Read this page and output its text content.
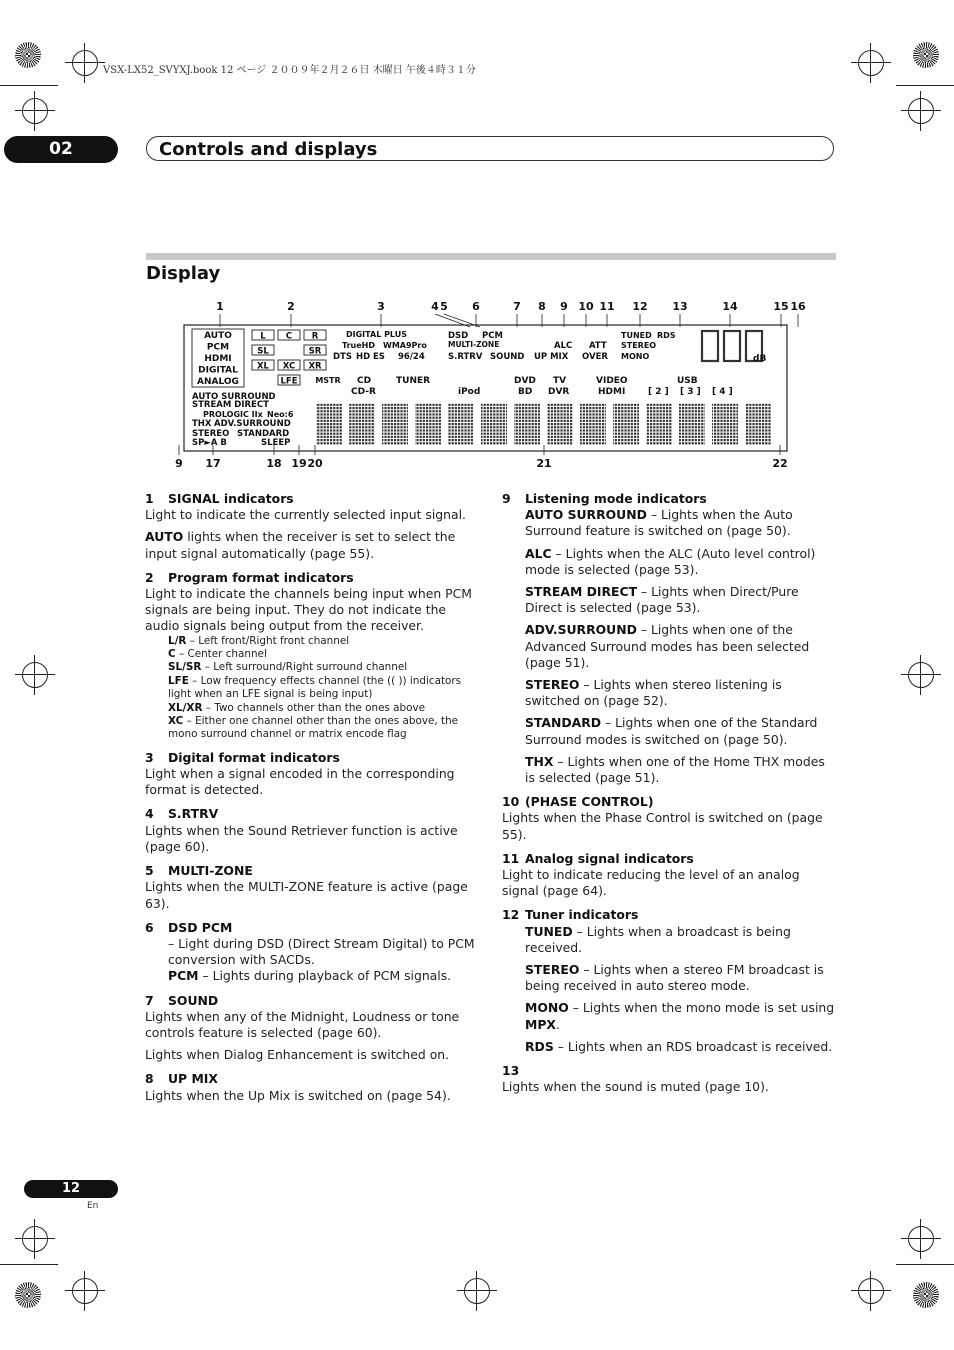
VSX-LX52_SVYXJ.book 12 ページ ２００９年２月２６日 木曜日 午後４時３１分
02	Controls and displays
Display
1	2	3	4 5 6	7 8 9 10 11 12 13	14	15 16
9 17	18 19 20	21	22
AUTO
PCM
HDMI
DIGITAL
ANALOG
L C R
SL	SR
XL XC XR
LFE MSTR
DIGITAL PLUS
TrueHD WMA9Pro
DTS HD ES 96/24
DSD PCM
MULTI-ZONE
S.RTRV SOUND UP MIX
ALC ATT
OVER
TUNED RDS
STEREO
MONO	dB
CD	TUNER	DVD TV	VIDEO	USB
CD-R	iPod	BD DVR	HDMI	[ 2 ] [ 3 ] [ 4 ]
AUTO SURROUND
STREAM DIRECT
PROLOGIC IIx Neo:6
THX ADV.SURROUND
STEREO STANDARD
SP►A B	SLEEP
1 SIGNAL indicators
Light to indicate the currently selected input signal.
AUTO lights when the receiver is set to select the input signal automatically (page 55).
2 Program format indicators
Light to indicate the channels being input when PCM signals are being input. They do not indicate the audio signals being output from the receiver.
L/R – Left front/Right front channel
C – Center channel
SL/SR – Left surround/Right surround channel
LFE – Low frequency effects channel (the (( )) indicators light when an LFE signal is being input)
XL/XR – Two channels other than the ones above
XC – Either one channel other than the ones above, the mono surround channel or matrix encode flag
3 Digital format indicators
Light when a signal encoded in the corresponding format is detected.
4 S.RTRV
Lights when the Sound Retriever function is active (page 60).
5 MULTI-ZONE
Lights when the MULTI-ZONE feature is active (page 63).
6 DSD PCM
– Light during DSD (Direct Stream Digital) to PCM conversion with SACDs.
PCM – Lights during playback of PCM signals.
7 SOUND
Lights when any of the Midnight, Loudness or tone controls feature is selected (page 60).
Lights when Dialog Enhancement is switched on.
8 UP MIX
Lights when the Up Mix is switched on (page 54).
9 Listening mode indicators
AUTO SURROUND – Lights when the Auto Surround feature is switched on (page 50).
ALC – Lights when the ALC (Auto level control) mode is selected (page 53).
STREAM DIRECT – Lights when Direct/Pure Direct is selected (page 53).
ADV.SURROUND – Lights when one of the Advanced Surround modes has been selected (page 51).
STEREO – Lights when stereo listening is switched on (page 52).
STANDARD – Lights when one of the Standard Surround modes is switched on (page 50).
THX – Lights when one of the Home THX modes is selected (page 51).
10 (PHASE CONTROL)
Lights when the Phase Control is switched on (page 55).
11 Analog signal indicators
Light to indicate reducing the level of an analog signal (page 64).
12 Tuner indicators
TUNED – Lights when a broadcast is being received.
STEREO – Lights when a stereo FM broadcast is being received in auto stereo mode.
MONO – Lights when the mono mode is set using MPX.
RDS – Lights when an RDS broadcast is received.
13
Lights when the sound is muted (page 10).
12
En
